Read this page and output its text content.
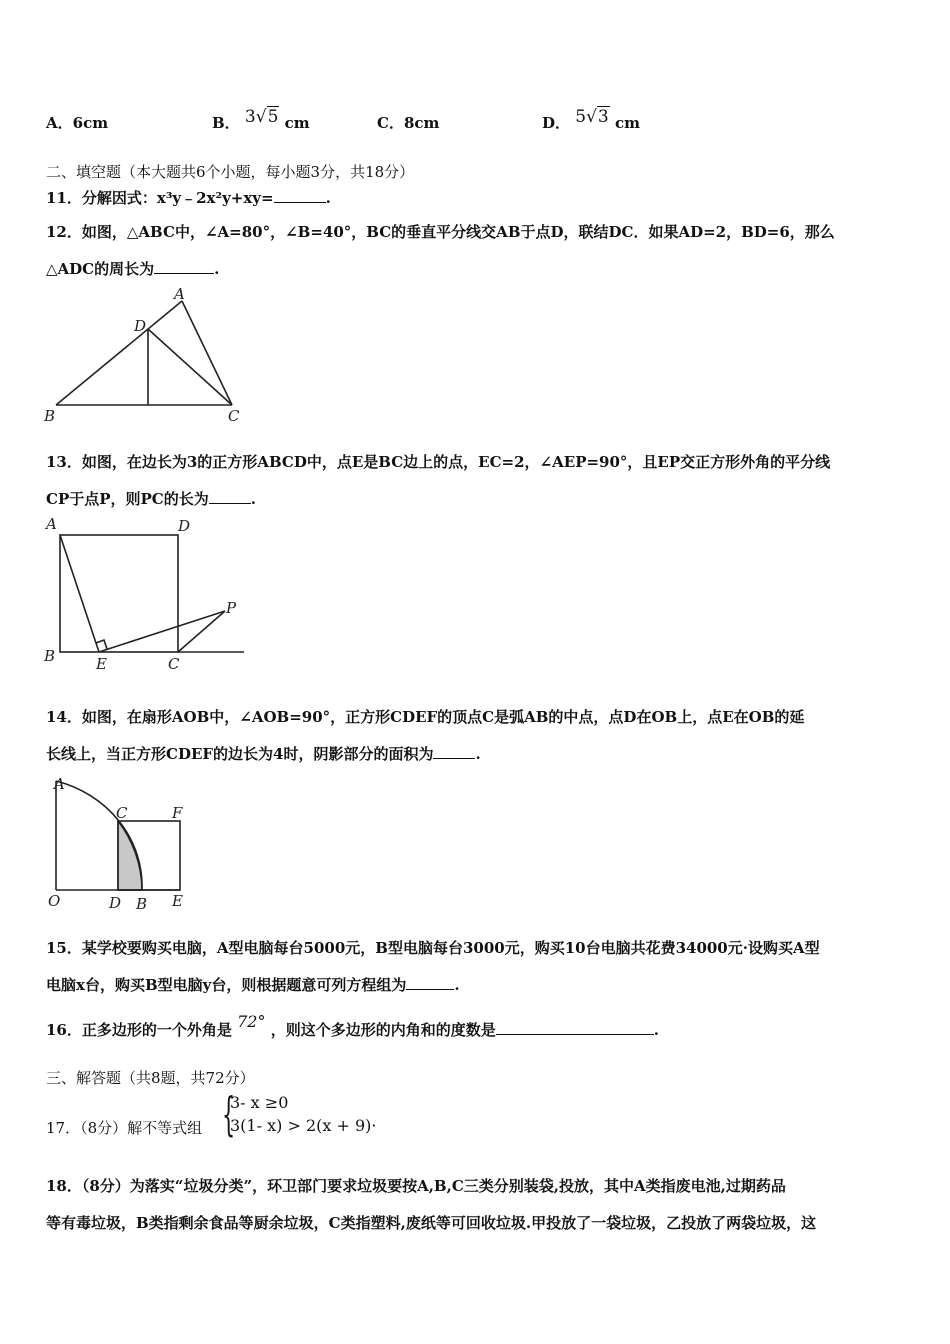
A．6cm	B． 3√5 cm	C．8cm	D． 5√3 cm
二、填空题（本大题共6个小题，每小题3分，共18分）
11．分解因式：x³y﹣2x²y+xy=	.
12．如图，△ABC中，∠A=80°，∠B=40°，BC的垂直平分线交AB于点D，联结DC．如果AD=2，BD=6，那么
△ADC的周长为	.
A
D
B	C
13．如图，在边长为3的正方形ABCD中，点E是BC边上的点，EC=2，∠AEP=90°，且EP交正方形外角的平分线
CP于点P，则PC的长为	.
A	D
B	E	C
P
14．如图，在扇形AOB中，∠AOB=90°，正方形CDEF的顶点C是弧AB的中点，点D在OB上，点E在OB的延
长线上，当正方形CDEF的边长为4时，阴影部分的面积为	.
A
C	F
O	D B E
15．某学校要购买电脑，A型电脑每台5000元，B型电脑每台3000元，购买10台电脑共花费34000元·设购买A型
电脑x台，购买B型电脑y台，则根据题意可列方程组为	.
16．正多边形的一个外角是 72° ，则这个多边形的内角和的度数是	.
三、解答题（共8题，共72分）
17．（8分）解不等式组 {
3- x ≥0
3(1- x) > 2(x + 9)·
18．（8分）为落实“垃圾分类”，环卫部门要求垃圾要按A,B,C三类分别装袋,投放，其中A类指废电池,过期药品
等有毒垃圾，B类指剩余食品等厨余垃圾，C类指塑料,废纸等可回收垃圾.甲投放了一袋垃圾，乙投放了两袋垃圾，这
